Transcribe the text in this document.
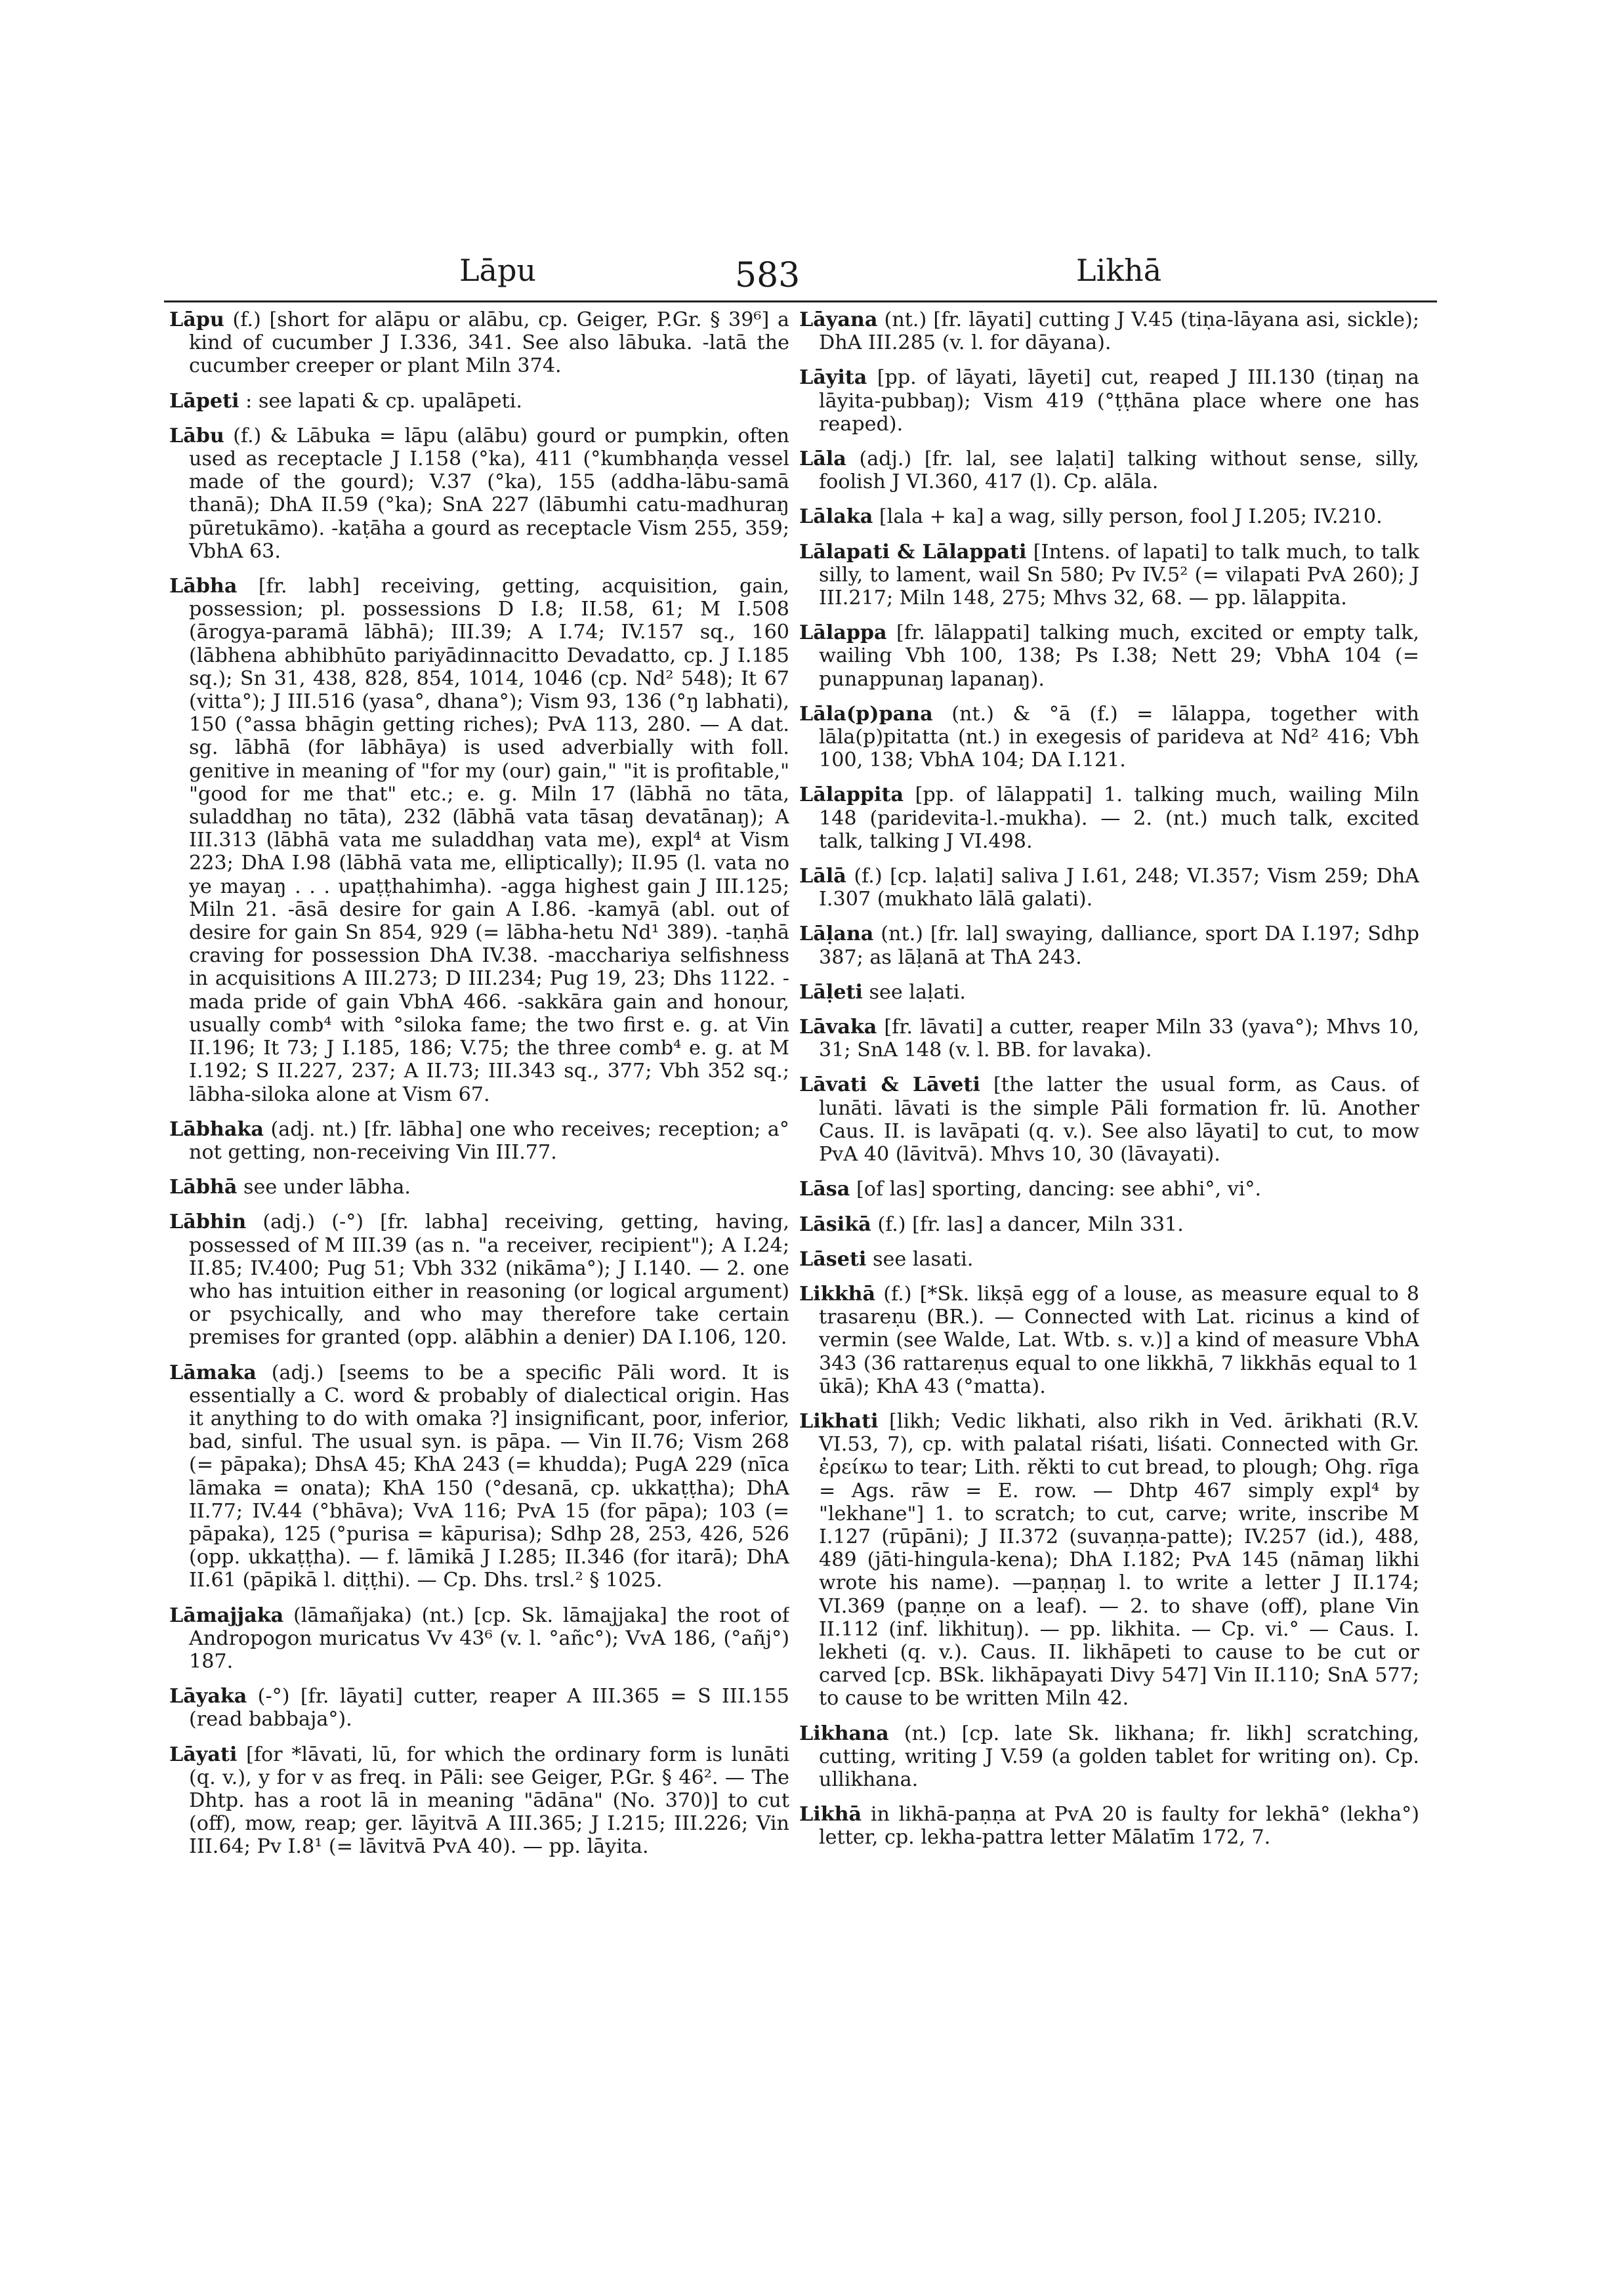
Lāpu	583	Likhā

Lāpu (f.) [short for alāpu or alābu, cp. Geiger, P.Gr. § 39⁶] a kind of cucumber J I.336, 341. See also lābuka. -latā the cucumber creeper or plant Miln 374.

Lāpeti : see lapati & cp. upalāpeti.

Lābu (f.) & Lābuka = lāpu (alābu) gourd or pumpkin, often used as receptacle J I.158 (°ka), 411 (°kumbhaṇḍa vessel made of the gourd); V.37 (°ka), 155 (addha-lābu-samā thanā); DhA II.59 (°ka); SnA 227 (lābumhi catu-madhuraŋ pūretukāmo). -kaṭāha a gourd as receptacle Vism 255, 359; VbhA 63.

Lābha [fr. labh] receiving, getting, acquisition, gain, possession; pl. possessions D I.8; II.58, 61; M I.508 (ārogya-paramā lābhā); III.39; A I.74; IV.157 sq., 160 (lābhena abhibhūto pariyādinnacitto Devadatto, cp. J I.185 sq.); Sn 31, 438, 828, 854, 1014, 1046 (cp. Nd² 548); It 67 (vitta°); J III.516 (yasa°, dhana°); Vism 93, 136 (°ŋ labhati), 150 (°assa bhāgin getting riches); PvA 113, 280. — A dat. sg. lābhā (for lābhāya) is used adverbially with foll. genitive in meaning of "for my (our) gain," "it is profitable," "good for me that" etc.; e. g. Miln 17 (lābhā no tāta, suladdhaŋ no tāta), 232 (lābhā vata tāsaŋ devatānaŋ); A III.313 (lābhā vata me suladdhaŋ vata me), expl⁴ at Vism 223; DhA I.98 (lābhā vata me, elliptically); II.95 (l. vata no ye mayaŋ . . . upaṭṭhahimha). -agga highest gain J III.125; Miln 21. -āsā desire for gain A I.86. -kamyā (abl. out of desire for gain Sn 854, 929 (= lābha-hetu Nd¹ 389). -taṇhā craving for possession DhA IV.38. -macchariya selfishness in acquisitions A III.273; D III.234; Pug 19, 23; Dhs 1122. -mada pride of gain VbhA 466. -sakkāra gain and honour, usually comb⁴ with °siloka fame; the two first e. g. at Vin II.196; It 73; J I.185, 186; V.75; the three comb⁴ e. g. at M I.192; S II.227, 237; A II.73; III.343 sq., 377; Vbh 352 sq.; lābha-siloka alone at Vism 67.

Lābhaka (adj. nt.) [fr. lābha] one who receives; reception; a° not getting, non-receiving Vin III.77.

Lābhā see under lābha.

Lābhin (adj.) (-°) [fr. labha] receiving, getting, having, possessed of M III.39 (as n. "a receiver, recipient"); A I.24; II.85; IV.400; Pug 51; Vbh 332 (nikāma°); J I.140. — 2. one who has intuition either in reasoning (or logical argument) or psychically, and who may therefore take certain premises for granted (opp. alābhin a denier) DA I.106, 120.

Lāmaka (adj.) [seems to be a specific Pāli word. It is essentially a C. word & probably of dialectical origin. Has it anything to do with omaka ?] insignificant, poor, inferior, bad, sinful. The usual syn. is pāpa. — Vin II.76; Vism 268 (= pāpaka); DhsA 45; KhA 243 (= khudda); PugA 229 (nīca lāmaka = onata); KhA 150 (°desanā, cp. ukkaṭṭha); DhA II.77; IV.44 (°bhāva); VvA 116; PvA 15 (for pāpa); 103 (= pāpaka), 125 (°purisa = kāpurisa); Sdhp 28, 253, 426, 526 (opp. ukkaṭṭha). — f. lāmikā J I.285; II.346 (for itarā); DhA II.61 (pāpikā l. diṭṭhi). — Cp. Dhs. trsl.² § 1025.

Lāmajjaka (lāmañjaka) (nt.) [cp. Sk. lāmajjaka] the root of Andropogon muricatus Vv 43⁶ (v. l. °añc°); VvA 186, (°añj°) 187.

Lāyaka (-°) [fr. lāyati] cutter, reaper A III.365 = S III.155 (read babbaja°).

Lāyati [for *lāvati, lū, for which the ordinary form is lunāti (q. v.), y for v as freq. in Pāli: see Geiger, P.Gr. § 46². — The Dhtp. has a root lā in meaning "ādāna" (No. 370)] to cut (off), mow, reap; ger. lāyitvā A III.365; J I.215; III.226; Vin III.64; Pv I.8¹ (= lāvitvā PvA 40). — pp. lāyita.

Lāyana (nt.) [fr. lāyati] cutting J V.45 (tiṇa-lāyana asi, sickle); DhA III.285 (v. l. for dāyana).

Lāyita [pp. of lāyati, lāyeti] cut, reaped J III.130 (tiṇaŋ na lāyita-pubbaŋ); Vism 419 (°ṭṭhāna place where one has reaped).

Lāla (adj.) [fr. lal, see laḷati] talking without sense, silly, foolish J VI.360, 417 (l). Cp. alāla.

Lālaka [lala + ka] a wag, silly person, fool J I.205; IV.210.

Lālapati & Lālappati [Intens. of lapati] to talk much, to talk silly, to lament, wail Sn 580; Pv IV.5² (= vilapati PvA 260); J III.217; Miln 148, 275; Mhvs 32, 68. — pp. lālappita.

Lālappa [fr. lālappati] talking much, excited or empty talk, wailing Vbh 100, 138; Ps I.38; Nett 29; VbhA 104 (= punappunaŋ lapanaŋ).

Lāla(p)pana (nt.) & °ā (f.) = lālappa, together with lāla(p)pitatta (nt.) in exegesis of parideva at Nd² 416; Vbh 100, 138; VbhA 104; DA I.121.

Lālappita [pp. of lālappati] 1. talking much, wailing Miln 148 (paridevita-l.-mukha). — 2. (nt.) much talk, excited talk, talking J VI.498.

Lālā (f.) [cp. laḷati] saliva J I.61, 248; VI.357; Vism 259; DhA I.307 (mukhato lālā galati).

Lāḷana (nt.) [fr. lal] swaying, dalliance, sport DA I.197; Sdhp 387; as lāḷanā at ThA 243.

Lāḷeti see laḷati.

Lāvaka [fr. lāvati] a cutter, reaper Miln 33 (yava°); Mhvs 10, 31; SnA 148 (v. l. BB. for lavaka).

Lāvati & Lāveti [the latter the usual form, as Caus. of lunāti. lāvati is the simple Pāli formation fr. lū. Another Caus. II. is lavāpati (q. v.). See also lāyati] to cut, to mow PvA 40 (lāvitvā). Mhvs 10, 30 (lāvayati).

Lāsa [of las] sporting, dancing: see abhi°, vi°.

Lāsikā (f.) [fr. las] a dancer, Miln 331.

Lāseti see lasati.

Likkhā (f.) [*Sk. likṣā egg of a louse, as measure equal to 8 trasareṇu (BR.). — Connected with Lat. ricinus a kind of vermin (see Walde, Lat. Wtb. s. v.)] a kind of measure VbhA 343 (36 rattareṇus equal to one likkhā, 7 likkhās equal to 1 ūkā); KhA 43 (°matta).

Likhati [likh; Vedic likhati, also rikh in Ved. ārikhati (R.V. VI.53, 7), cp. with palatal riśati, liśati. Connected with Gr. ἐρείκω to tear; Lith. rěkti to cut bread, to plough; Ohg. rīga = Ags. rāw = E. row. — Dhtp 467 simply expl⁴ by "lekhane"] 1. to scratch; to cut, carve; write, inscribe M I.127 (rūpāni); J II.372 (suvaṇṇa-patte); IV.257 (id.), 488, 489 (jāti-hingula-kena); DhA I.182; PvA 145 (nāmaŋ likhi wrote his name). —paṇṇaŋ l. to write a letter J II.174; VI.369 (paṇṇe on a leaf). — 2. to shave (off), plane Vin II.112 (inf. likhituŋ). — pp. likhita. — Cp. vi.° — Caus. I. lekheti (q. v.). Caus. II. likhāpeti to cause to be cut or carved [cp. BSk. likhāpayati Divy 547] Vin II.110; SnA 577; to cause to be written Miln 42.

Likhana (nt.) [cp. late Sk. likhana; fr. likh] scratching, cutting, writing J V.59 (a golden tablet for writing on). Cp. ullikhana.

Likhā in likhā-paṇṇa at PvA 20 is faulty for lekhā° (lekha°) letter, cp. lekha-pattra letter Mālatīm 172, 7.
